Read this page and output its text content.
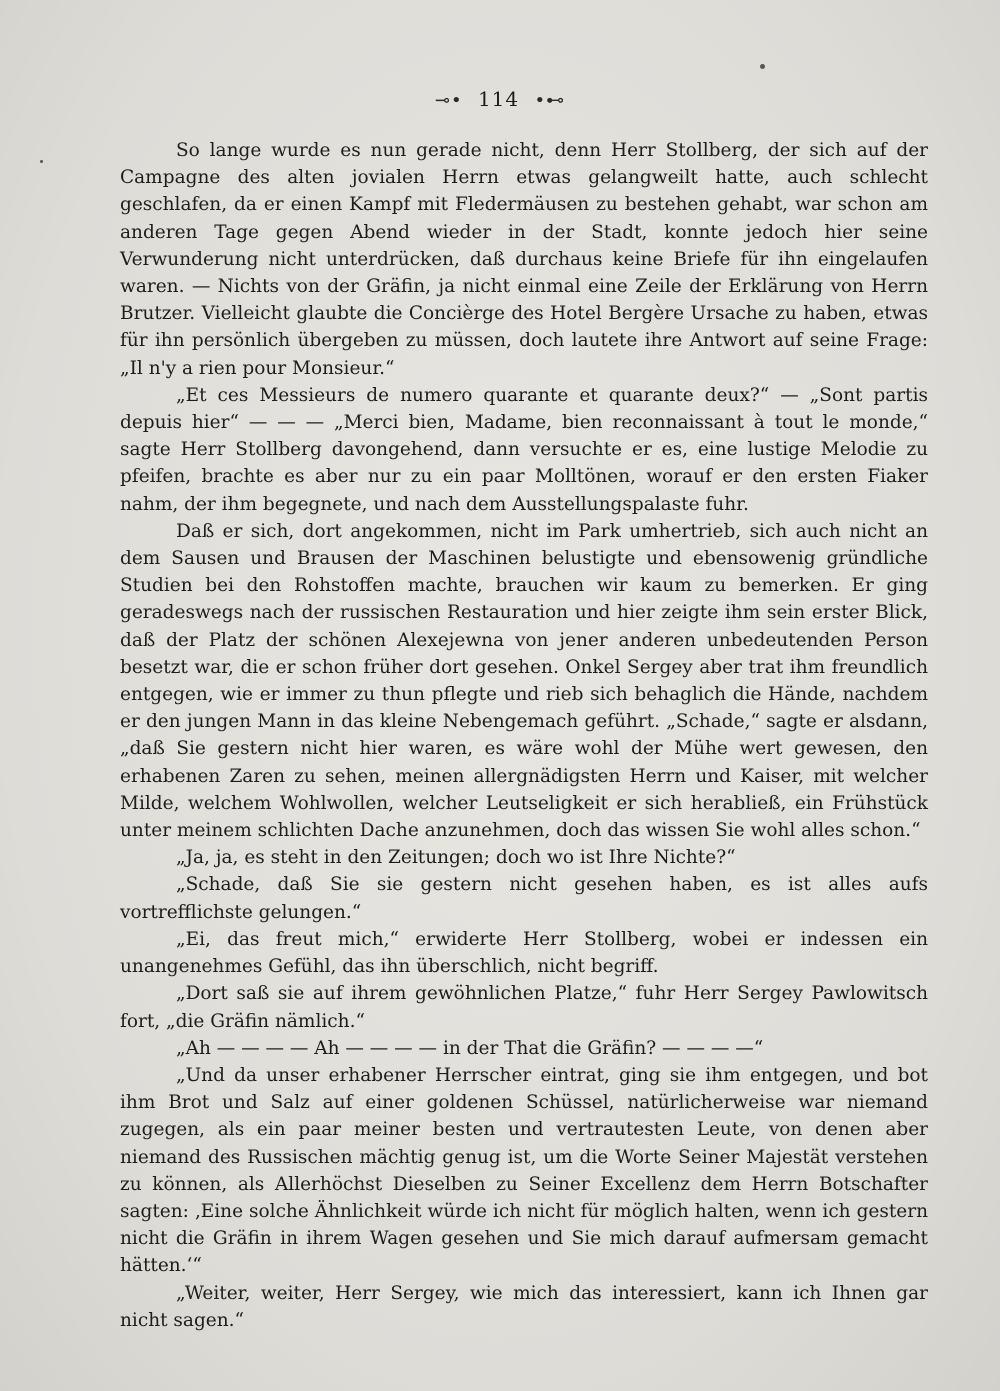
⊸• 114 •⊷

So lange wurde es nun gerade nicht, denn Herr Stollberg, der sich auf der Campagne des alten jovialen Herrn etwas gelangweilt hatte, auch schlecht geschlafen, da er einen Kampf mit Fledermäusen zu bestehen gehabt, war schon am anderen Tage gegen Abend wieder in der Stadt, konnte jedoch hier seine Verwunderung nicht unterdrücken, daß durchaus keine Briefe für ihn eingelaufen waren. — Nichts von der Gräfin, ja nicht einmal eine Zeile der Erklärung von Herrn Brutzer. Vielleicht glaubte die Concièrge des Hotel Bergère Ursache zu haben, etwas für ihn persönlich übergeben zu müssen, doch lautete ihre Antwort auf seine Frage: „Il n'y a rien pour Monsieur.“

„Et ces Messieurs de numero quarante et quarante deux?“ — „Sont partis depuis hier“ — — — „Merci bien, Madame, bien reconnaissant à tout le monde,“ sagte Herr Stollberg davongehend, dann versuchte er es, eine lustige Melodie zu pfeifen, brachte es aber nur zu ein paar Molltönen, worauf er den ersten Fiaker nahm, der ihm begegnete, und nach dem Ausstellungspalaste fuhr.

Daß er sich, dort angekommen, nicht im Park umhertrieb, sich auch nicht an dem Sausen und Brausen der Maschinen belustigte und ebensowenig gründliche Studien bei den Rohstoffen machte, brauchen wir kaum zu bemerken. Er ging geradeswegs nach der russischen Restauration und hier zeigte ihm sein erster Blick, daß der Platz der schönen Alexejewna von jener anderen unbedeutenden Person besetzt war, die er schon früher dort gesehen. Onkel Sergey aber trat ihm freundlich entgegen, wie er immer zu thun pflegte und rieb sich behaglich die Hände, nachdem er den jungen Mann in das kleine Nebengemach geführt. „Schade,“ sagte er alsdann, „daß Sie gestern nicht hier waren, es wäre wohl der Mühe wert gewesen, den erhabenen Zaren zu sehen, meinen allergnädigsten Herrn und Kaiser, mit welcher Milde, welchem Wohlwollen, welcher Leutseligkeit er sich herabließ, ein Frühstück unter meinem schlichten Dache anzunehmen, doch das wissen Sie wohl alles schon.“

„Ja, ja, es steht in den Zeitungen; doch wo ist Ihre Nichte?“

„Schade, daß Sie sie gestern nicht gesehen haben, es ist alles aufs vortrefflichste gelungen.“

„Ei, das freut mich,“ erwiderte Herr Stollberg, wobei er indessen ein unangenehmes Gefühl, das ihn überschlich, nicht begriff.

„Dort saß sie auf ihrem gewöhnlichen Platze,“ fuhr Herr Sergey Pawlowitsch fort, „die Gräfin nämlich.“

„Ah — — — — Ah — — — — in der That die Gräfin? — — — —“

„Und da unser erhabener Herrscher eintrat, ging sie ihm entgegen, und bot ihm Brot und Salz auf einer goldenen Schüssel, natürlicherweise war niemand zugegen, als ein paar meiner besten und vertrautesten Leute, von denen aber niemand des Russischen mächtig genug ist, um die Worte Seiner Majestät verstehen zu können, als Allerhöchst Dieselben zu Seiner Excellenz dem Herrn Botschafter sagten: ‚Eine solche Ähnlichkeit würde ich nicht für möglich halten, wenn ich gestern nicht die Gräfin in ihrem Wagen gesehen und Sie mich darauf aufmersam gemacht hätten.‘“

„Weiter, weiter, Herr Sergey, wie mich das interessiert, kann ich Ihnen gar nicht sagen.“
